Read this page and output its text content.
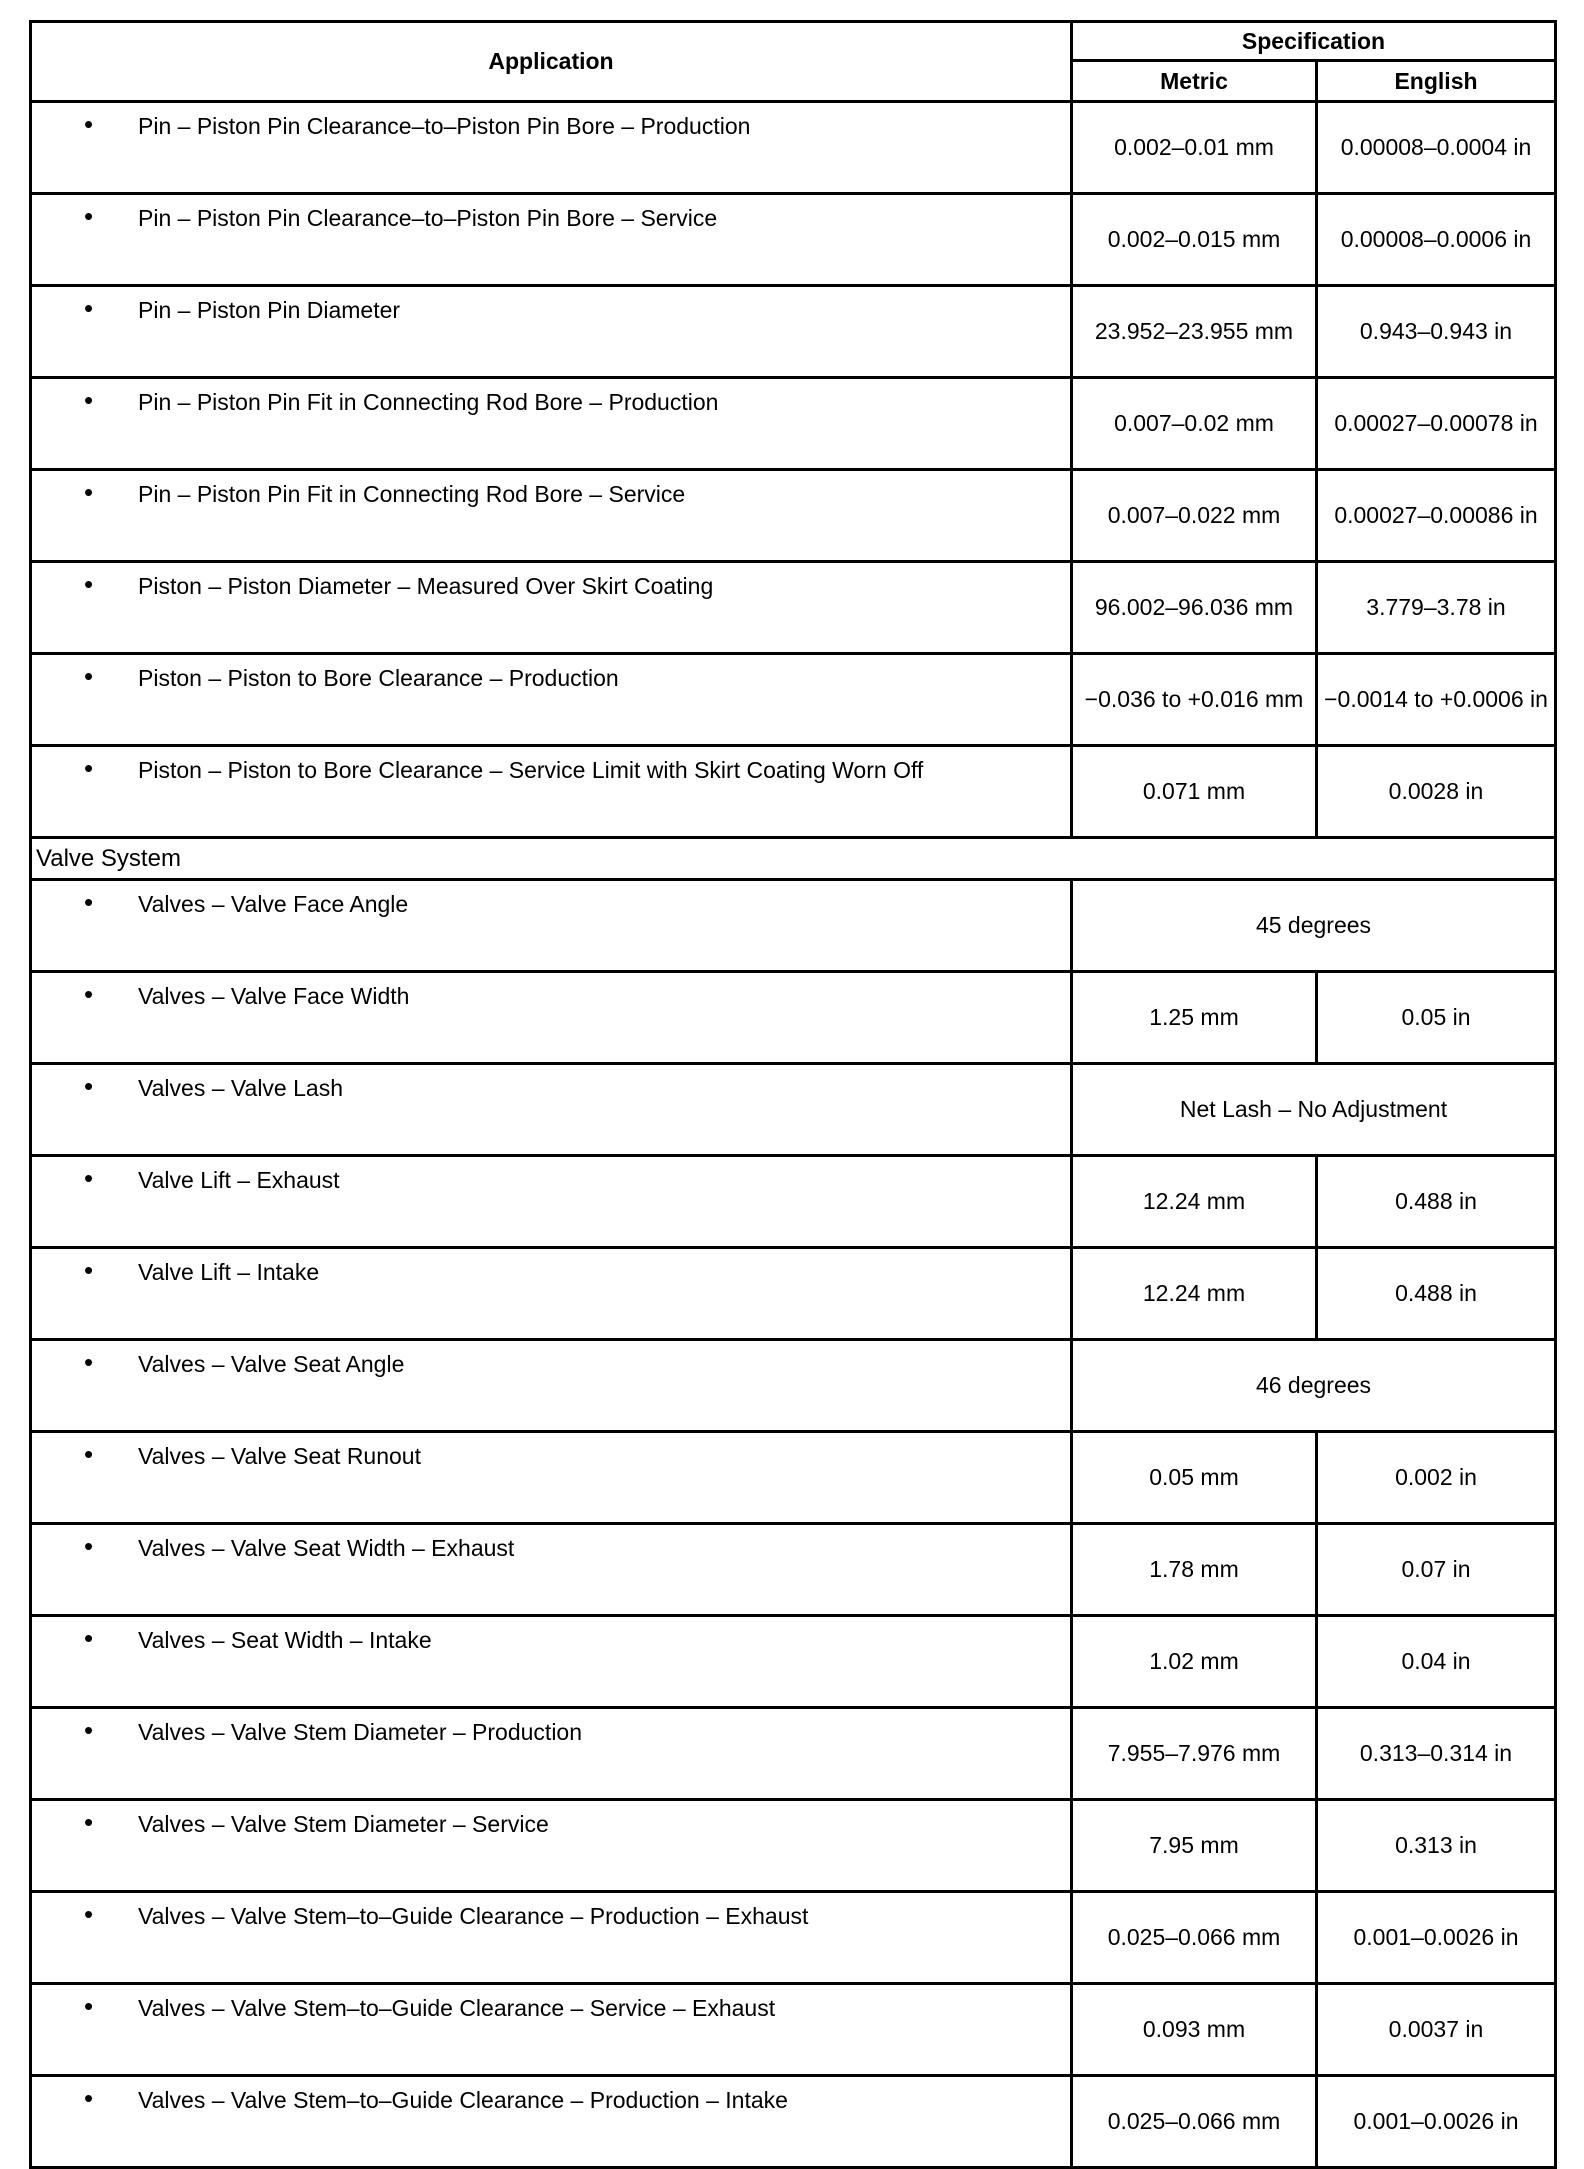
Application	Specification	
	Metric	English

• Pin – Piston Pin Clearance–to–Piston Pin Bore – Production	0.002–0.01 mm	0.00008–0.0004 in

• Pin – Piston Pin Clearance–to–Piston Pin Bore – Service	0.002–0.015 mm	0.00008–0.0006 in

• Pin – Piston Pin Diameter	23.952–23.955 mm	0.943–0.943 in

• Pin – Piston Pin Fit in Connecting Rod Bore – Production	0.007–0.02 mm	0.00027–0.00078 in

• Pin – Piston Pin Fit in Connecting Rod Bore – Service	0.007–0.022 mm	0.00027–0.00086 in

• Piston – Piston Diameter – Measured Over Skirt Coating	96.002–96.036 mm	3.779–3.78 in

• Piston – Piston to Bore Clearance – Production	−0.036 to +0.016 mm	−0.0014 to +0.0006 in

• Piston – Piston to Bore Clearance – Service Limit with Skirt Coating Worn Off	0.071 mm	0.0028 in
Valve System		

• Valves – Valve Face Angle	45 degrees	

• Valves – Valve Face Width	1.25 mm	0.05 in

• Valves – Valve Lash	Net Lash – No Adjustment	

• Valve Lift – Exhaust	12.24 mm	0.488 in

• Valve Lift – Intake	12.24 mm	0.488 in

• Valves – Valve Seat Angle	46 degrees	

• Valves – Valve Seat Runout	0.05 mm	0.002 in

• Valves – Valve Seat Width – Exhaust	1.78 mm	0.07 in

• Valves – Seat Width – Intake	1.02 mm	0.04 in

• Valves – Valve Stem Diameter – Production	7.955–7.976 mm	0.313–0.314 in

• Valves – Valve Stem Diameter – Service	7.95 mm	0.313 in

• Valves – Valve Stem–to–Guide Clearance – Production – Exhaust	0.025–0.066 mm	0.001–0.0026 in

• Valves – Valve Stem–to–Guide Clearance – Service – Exhaust	0.093 mm	0.0037 in

• Valves – Valve Stem–to–Guide Clearance – Production – Intake	0.025–0.066 mm	0.001–0.0026 in
